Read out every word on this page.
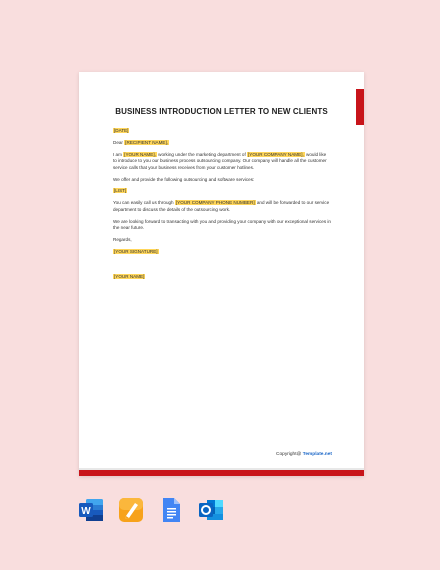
BUSINESS INTRODUCTION LETTER TO NEW CLIENTS

[DATE]

Dear [RECIPIENT NAME],

I am [YOUR NAME], working under the marketing department of [YOUR COMPANY NAME], would like to introduce to you our business process outsourcing company. Our company will handle all the customer service calls that your business receives from your customer hotlines.

We offer and provide the following outsourcing and software services:

[LIST]

You can easily call us through [YOUR COMPANY PHONE NUMBER] and will be forwarded to our service department to discuss the details of the outsourcing work.

We are looking forward to transacting with you and providing your company with our exceptional services in the near future.

Regards,

[YOUR SIGNATURE]

[YOUR NAME]

Copyright@ Template.net
W
